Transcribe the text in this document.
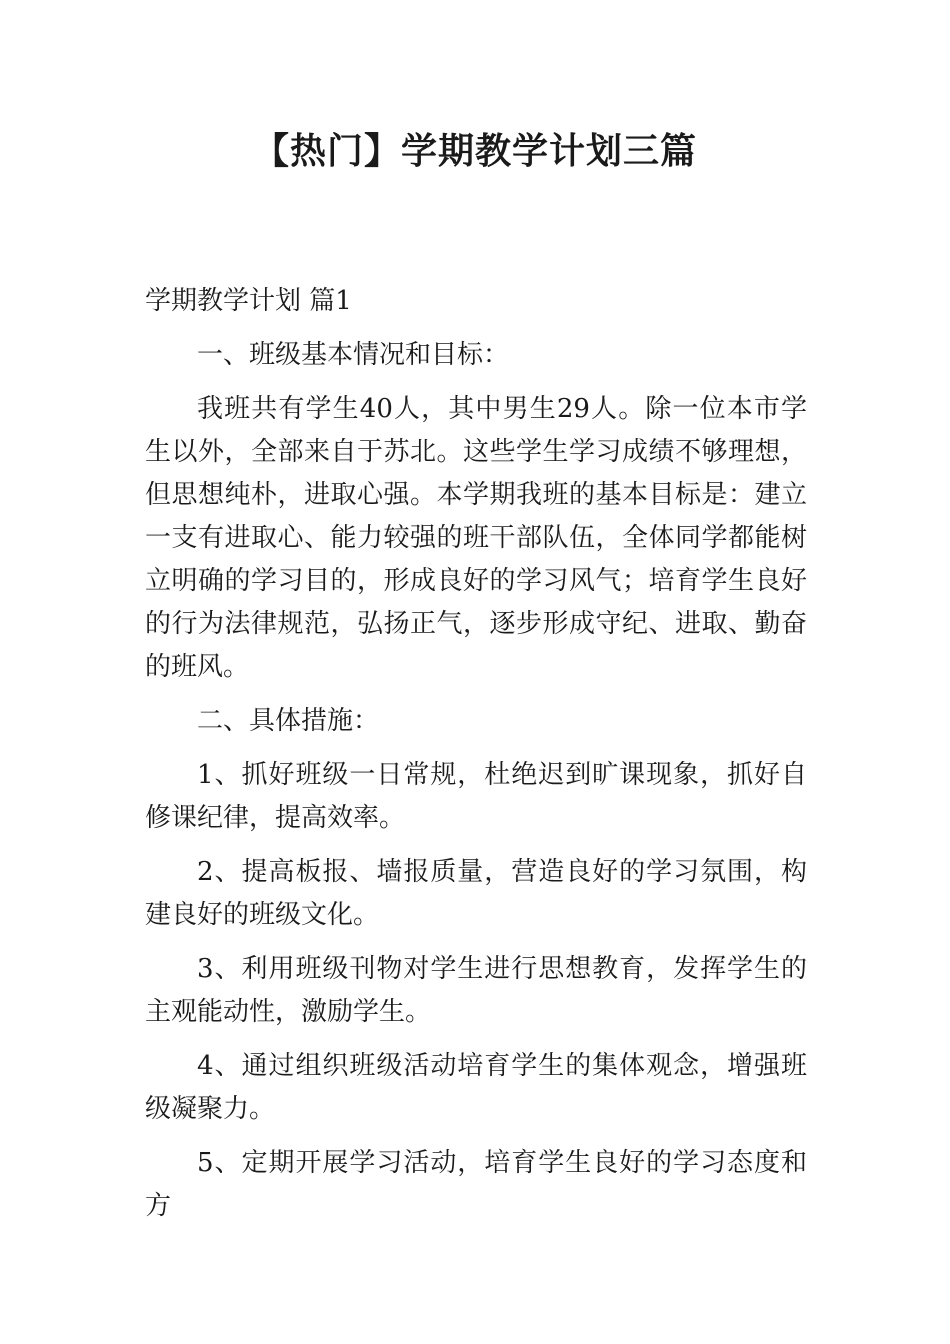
【热门】学期教学计划三篇

学期教学计划 篇1

一、班级基本情况和目标：

我班共有学生40人，其中男生29人。除一位本市学生以外，全部来自于苏北。这些学生学习成绩不够理想，但思想纯朴，进取心强。本学期我班的基本目标是：建立一支有进取心、能力较强的班干部队伍，全体同学都能树立明确的学习目的，形成良好的学习风气；培育学生良好的行为法律规范，弘扬正气，逐步形成守纪、进取、勤奋的班风。

二、具体措施：

1、抓好班级一日常规，杜绝迟到旷课现象，抓好自修课纪律，提高效率。

2、提高板报、墙报质量，营造良好的学习氛围，构建良好的班级文化。

3、利用班级刊物对学生进行思想教育，发挥学生的主观能动性，激励学生。

4、通过组织班级活动培育学生的集体观念，增强班级凝聚力。

5、定期开展学习活动，培育学生良好的学习态度和方
